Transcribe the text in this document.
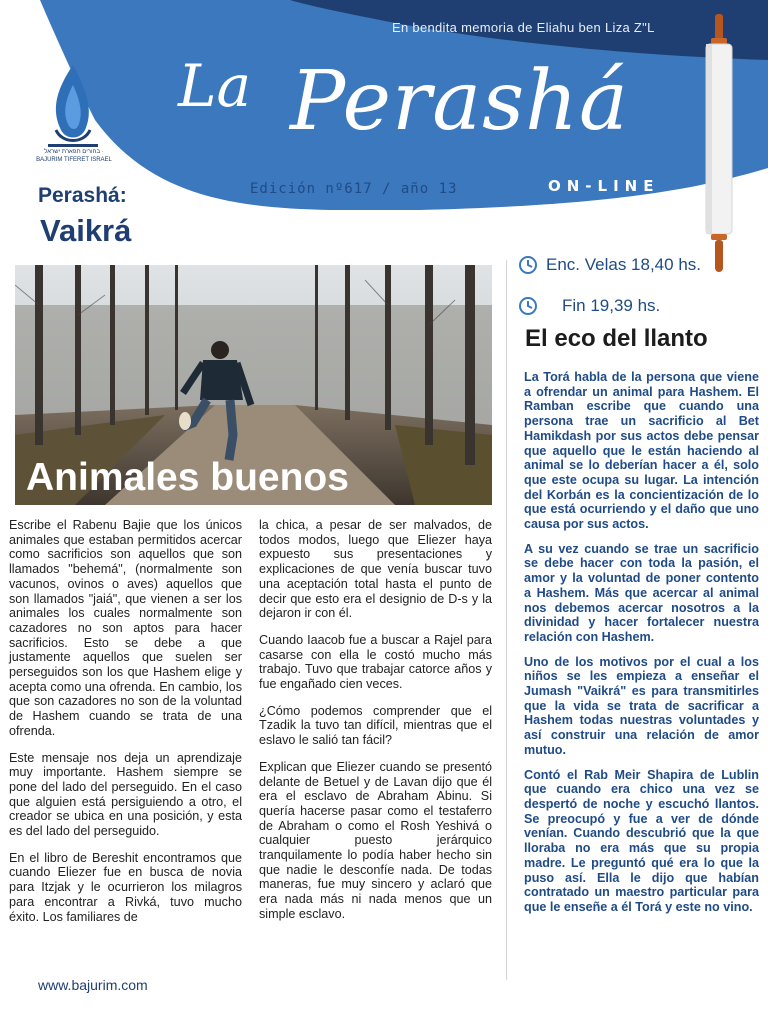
En bendita memoria de Eliahu ben Liza Z"L
La Perashá
Edición nº617 / año 13	ON-LINE
בחורים תפארת ישראל · BAJURIM TIFERET ISRAEL
Perashá:
Vaikrá
Animales buenos
Enc. Velas 18,40 hs.
Fin 19,39 hs.
El eco del llanto

Escribe el Rabenu Bajie que los únicos animales que estaban permitidos acercar como sacrificios son aquellos que son llamados "behemá", (normalmente son vacunos, ovinos o aves) aquellos que son llamados "jaiá", que vienen a ser los animales los cuales normalmente son cazadores no son aptos para hacer sacrificios. Esto se debe a que justamente aquellos que suelen ser perseguidos son los que Hashem elige y acepta como una ofrenda. En cambio, los que son cazadores no son de la voluntad de Hashem cuando se trata de una ofrenda.

Este mensaje nos deja un aprendizaje muy importante. Hashem siempre se pone del lado del perseguido. En el caso que alguien está persiguiendo a otro, el creador se ubica en una posición, y esta es del lado del perseguido.

En el libro de Bereshit encontramos que cuando Eliezer fue en busca de novia para Itzjak y le ocurrieron los milagros para encontrar a Rivká, tuvo mucho éxito. Los familiares de

la chica, a pesar de ser malvados, de todos modos, luego que Eliezer haya expuesto sus presentaciones y explicaciones de que venía buscar tuvo una aceptación total hasta el punto de decir que esto era el designio de D-s y la dejaron ir con él.

Cuando Iaacob fue a buscar a Rajel para casarse con ella le costó mucho más trabajo. Tuvo que trabajar catorce años y fue engañado cien veces.

¿Cómo podemos comprender que el Tzadik la tuvo tan difícil, mientras que el eslavo le salió tan fácil?

Explican que Eliezer cuando se presentó delante de Betuel y de Lavan dijo que él era el esclavo de Abraham Abinu. Si quería hacerse pasar como el testaferro de Abraham o como el Rosh Yeshivá o cualquier puesto jerárquico tranquilamente lo podía haber hecho sin que nadie le desconfíe nada. De todas maneras, fue muy sincero y aclaró que era nada más ni nada menos que un simple esclavo.

La Torá habla de la persona que viene a ofrendar un animal para Hashem. El Ramban escribe que cuando una persona trae un sacrificio al Bet Hamikdash por sus actos debe pensar que aquello que le están haciendo al animal se lo deberían hacer a él, solo que este ocupa su lugar. La intención del Korbán es la concientización de lo que está ocurriendo y el daño que uno causa por sus actos.

A su vez cuando se trae un sacrificio se debe hacer con toda la pasión, el amor y la voluntad de poner contento a Hashem. Más que acercar al animal nos debemos acercar nosotros a la divinidad y hacer fortalecer nuestra relación con Hashem.

Uno de los motivos por el cual a los niños se les empieza a enseñar el Jumash "Vaikrá" es para transmitirles que la vida se trata de sacrificar a Hashem todas nuestras voluntades y así construir una relación de amor mutuo.

Contó el Rab Meir Shapira de Lublin que cuando era chico una vez se despertó de noche y escuchó llantos. Se preocupó y fue a ver de dónde venían. Cuando descubrió que la que lloraba no era más que su propia madre. Le preguntó qué era lo que la puso así. Ella le dijo que habían contratado un maestro particular para que le enseñe a él Torá y este no vino.

www.bajurim.com
